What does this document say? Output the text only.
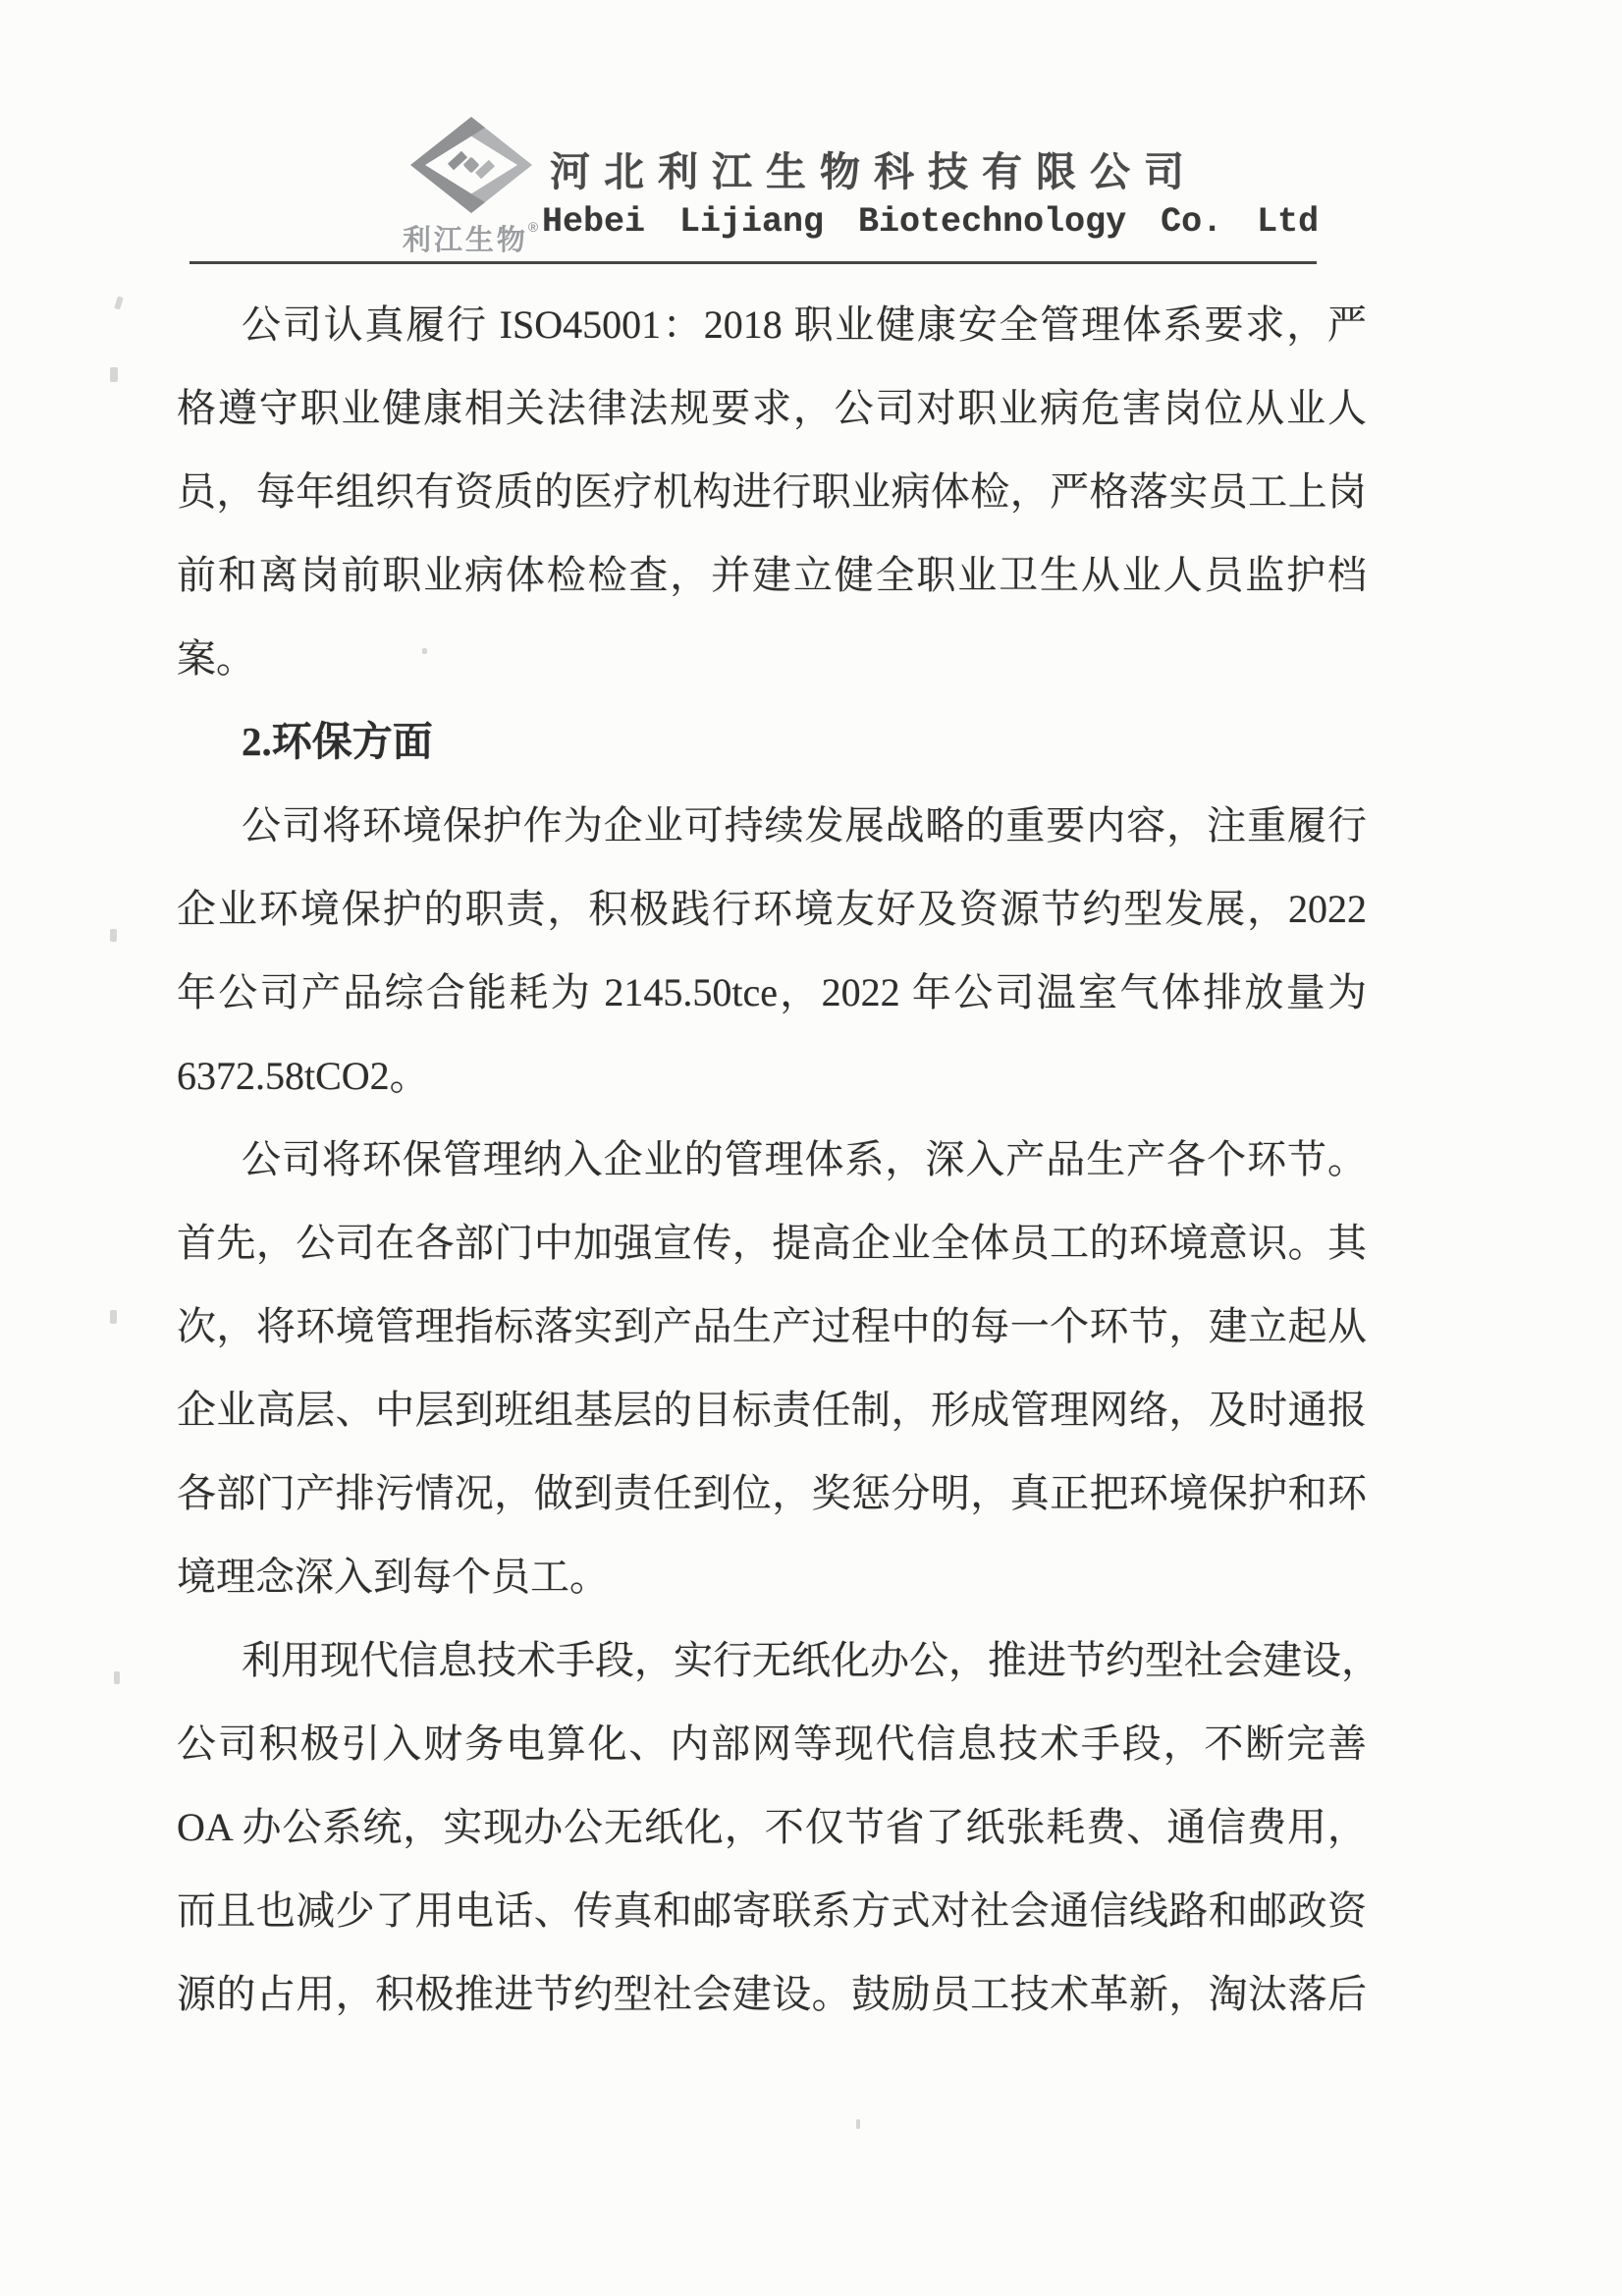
利江生物®
河北利江生物科技有限公司
Hebei Lijiang Biotechnology Co. Ltd
公司认真履行 ISO45001：2018 职业健康安全管理体系要求，严
格遵守职业健康相关法律法规要求，公司对职业病危害岗位从业人
员，每年组织有资质的医疗机构进行职业病体检，严格落实员工上岗
前和离岗前职业病体检检查，并建立健全职业卫生从业人员监护档
案。
2.环保方面
公司将环境保护作为企业可持续发展战略的重要内容，注重履行
企业环境保护的职责，积极践行环境友好及资源节约型发展，2022
年公司产品综合能耗为 2145.50tce，2022 年公司温室气体排放量为
6372.58tCO2。
公司将环保管理纳入企业的管理体系，深入产品生产各个环节。
首先，公司在各部门中加强宣传，提高企业全体员工的环境意识。其
次，将环境管理指标落实到产品生产过程中的每一个环节，建立起从
企业高层、中层到班组基层的目标责任制，形成管理网络，及时通报
各部门产排污情况，做到责任到位，奖惩分明，真正把环境保护和环
境理念深入到每个员工。
利用现代信息技术手段，实行无纸化办公，推进节约型社会建设，
公司积极引入财务电算化、内部网等现代信息技术手段，不断完善
OA 办公系统，实现办公无纸化，不仅节省了纸张耗费、通信费用，
而且也减少了用电话、传真和邮寄联系方式对社会通信线路和邮政资
源的占用，积极推进节约型社会建设。鼓励员工技术革新，淘汰落后
